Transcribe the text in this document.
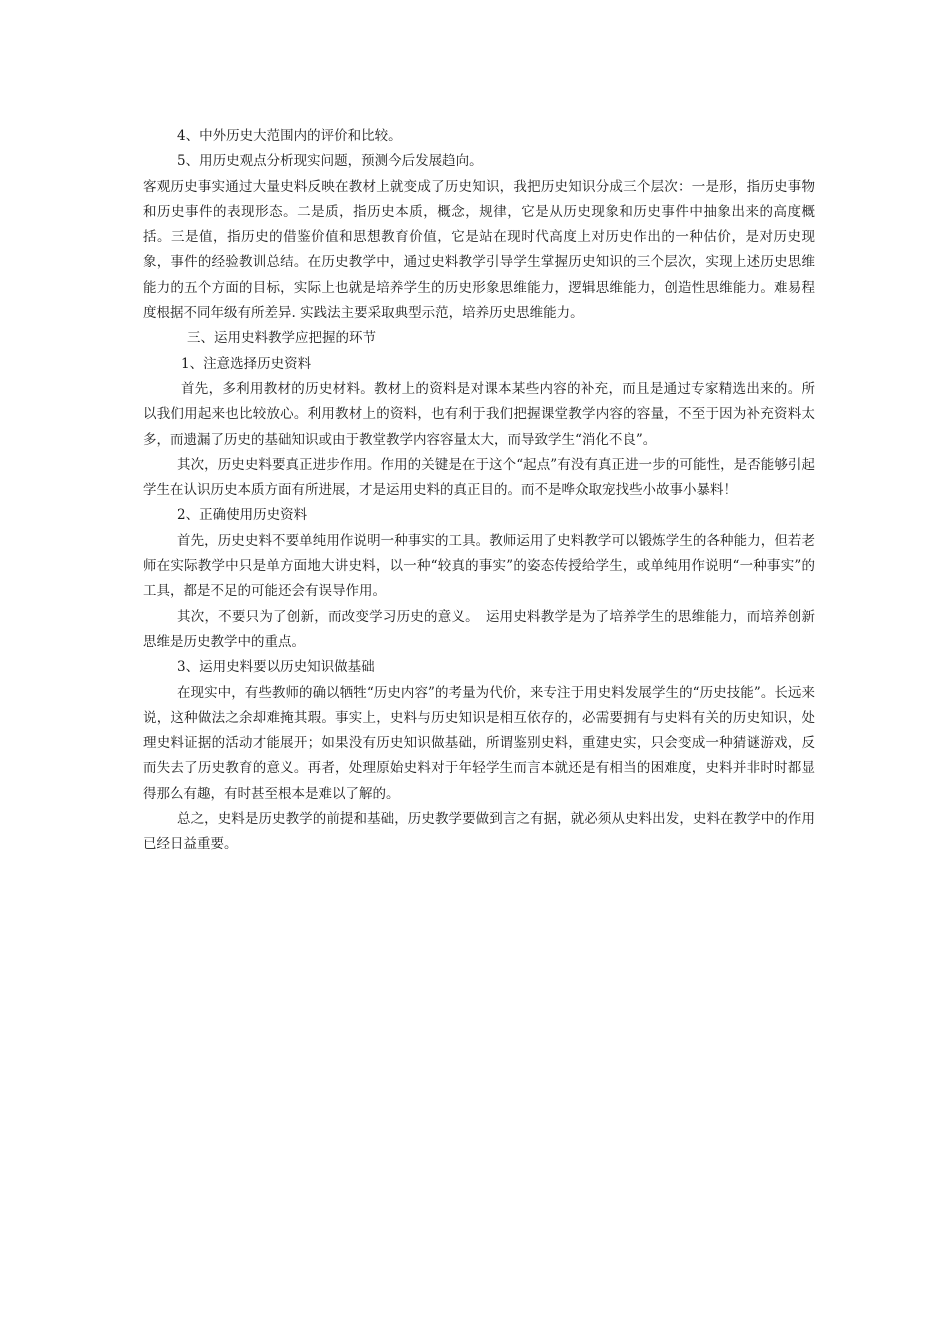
4、中外历史大范围内的评价和比较。

5、用历史观点分析现实问题，预测今后发展趋向。

客观历史事实通过大量史料反映在教材上就变成了历史知识，我把历史知识分成三个层次：一是形，指历史事物和历史事件的表现形态。二是质，指历史本质，概念，规律，它是从历史现象和历史事件中抽象出来的高度概括。三是值，指历史的借鉴价值和思想教育价值，它是站在现时代高度上对历史作出的一种估价，是对历史现象，事件的经验教训总结。在历史教学中，通过史料教学引导学生掌握历史知识的三个层次，实现上述历史思维能力的五个方面的目标，实际上也就是培养学生的历史形象思维能力，逻辑思维能力，创造性思维能力。难易程度根据不同年级有所差异. 实践法主要采取典型示范，培养历史思维能力。

三、运用史料教学应把握的环节

1、注意选择历史资料

首先，多利用教材的历史材料。教材上的资料是对课本某些内容的补充，而且是通过专家精选出来的。所以我们用起来也比较放心。利用教材上的资料，也有利于我们把握课堂教学内容的容量，不至于因为补充资料太多，而遗漏了历史的基础知识或由于教堂教学内容容量太大，而导致学生“消化不良”。

其次，历史史料要真正进步作用。作用的关键是在于这个“起点”有没有真正进一步的可能性，是否能够引起学生在认识历史本质方面有所进展，才是运用史料的真正目的。而不是哗众取宠找些小故事小暴料！

2、正确使用历史资料

首先，历史史料不要单纯用作说明一种事实的工具。教师运用了史料教学可以锻炼学生的各种能力，但若老师在实际教学中只是单方面地大讲史料，以一种“较真的事实”的姿态传授给学生，或单纯用作说明“一种事实”的工具，都是不足的可能还会有误导作用。

其次，不要只为了创新，而改变学习历史的意义。　运用史料教学是为了培养学生的思维能力，而培养创新思维是历史教学中的重点。

3、运用史料要以历史知识做基础

在现实中，有些教师的确以牺牲“历史内容”的考量为代价，来专注于用史料发展学生的“历史技能”。长远来说，这种做法之余却难掩其瑕。事实上，史料与历史知识是相互依存的，必需要拥有与史料有关的历史知识，处理史料证据的活动才能展开；如果没有历史知识做基础，所谓鉴别史料，重建史实，只会变成一种猜谜游戏，反而失去了历史教育的意义。再者，处理原始史料对于年轻学生而言本就还是有相当的困难度，史料并非时时都显得那么有趣，有时甚至根本是难以了解的。

总之，史料是历史教学的前提和基础，历史教学要做到言之有据，就必须从史料出发，史料在教学中的作用已经日益重要。
